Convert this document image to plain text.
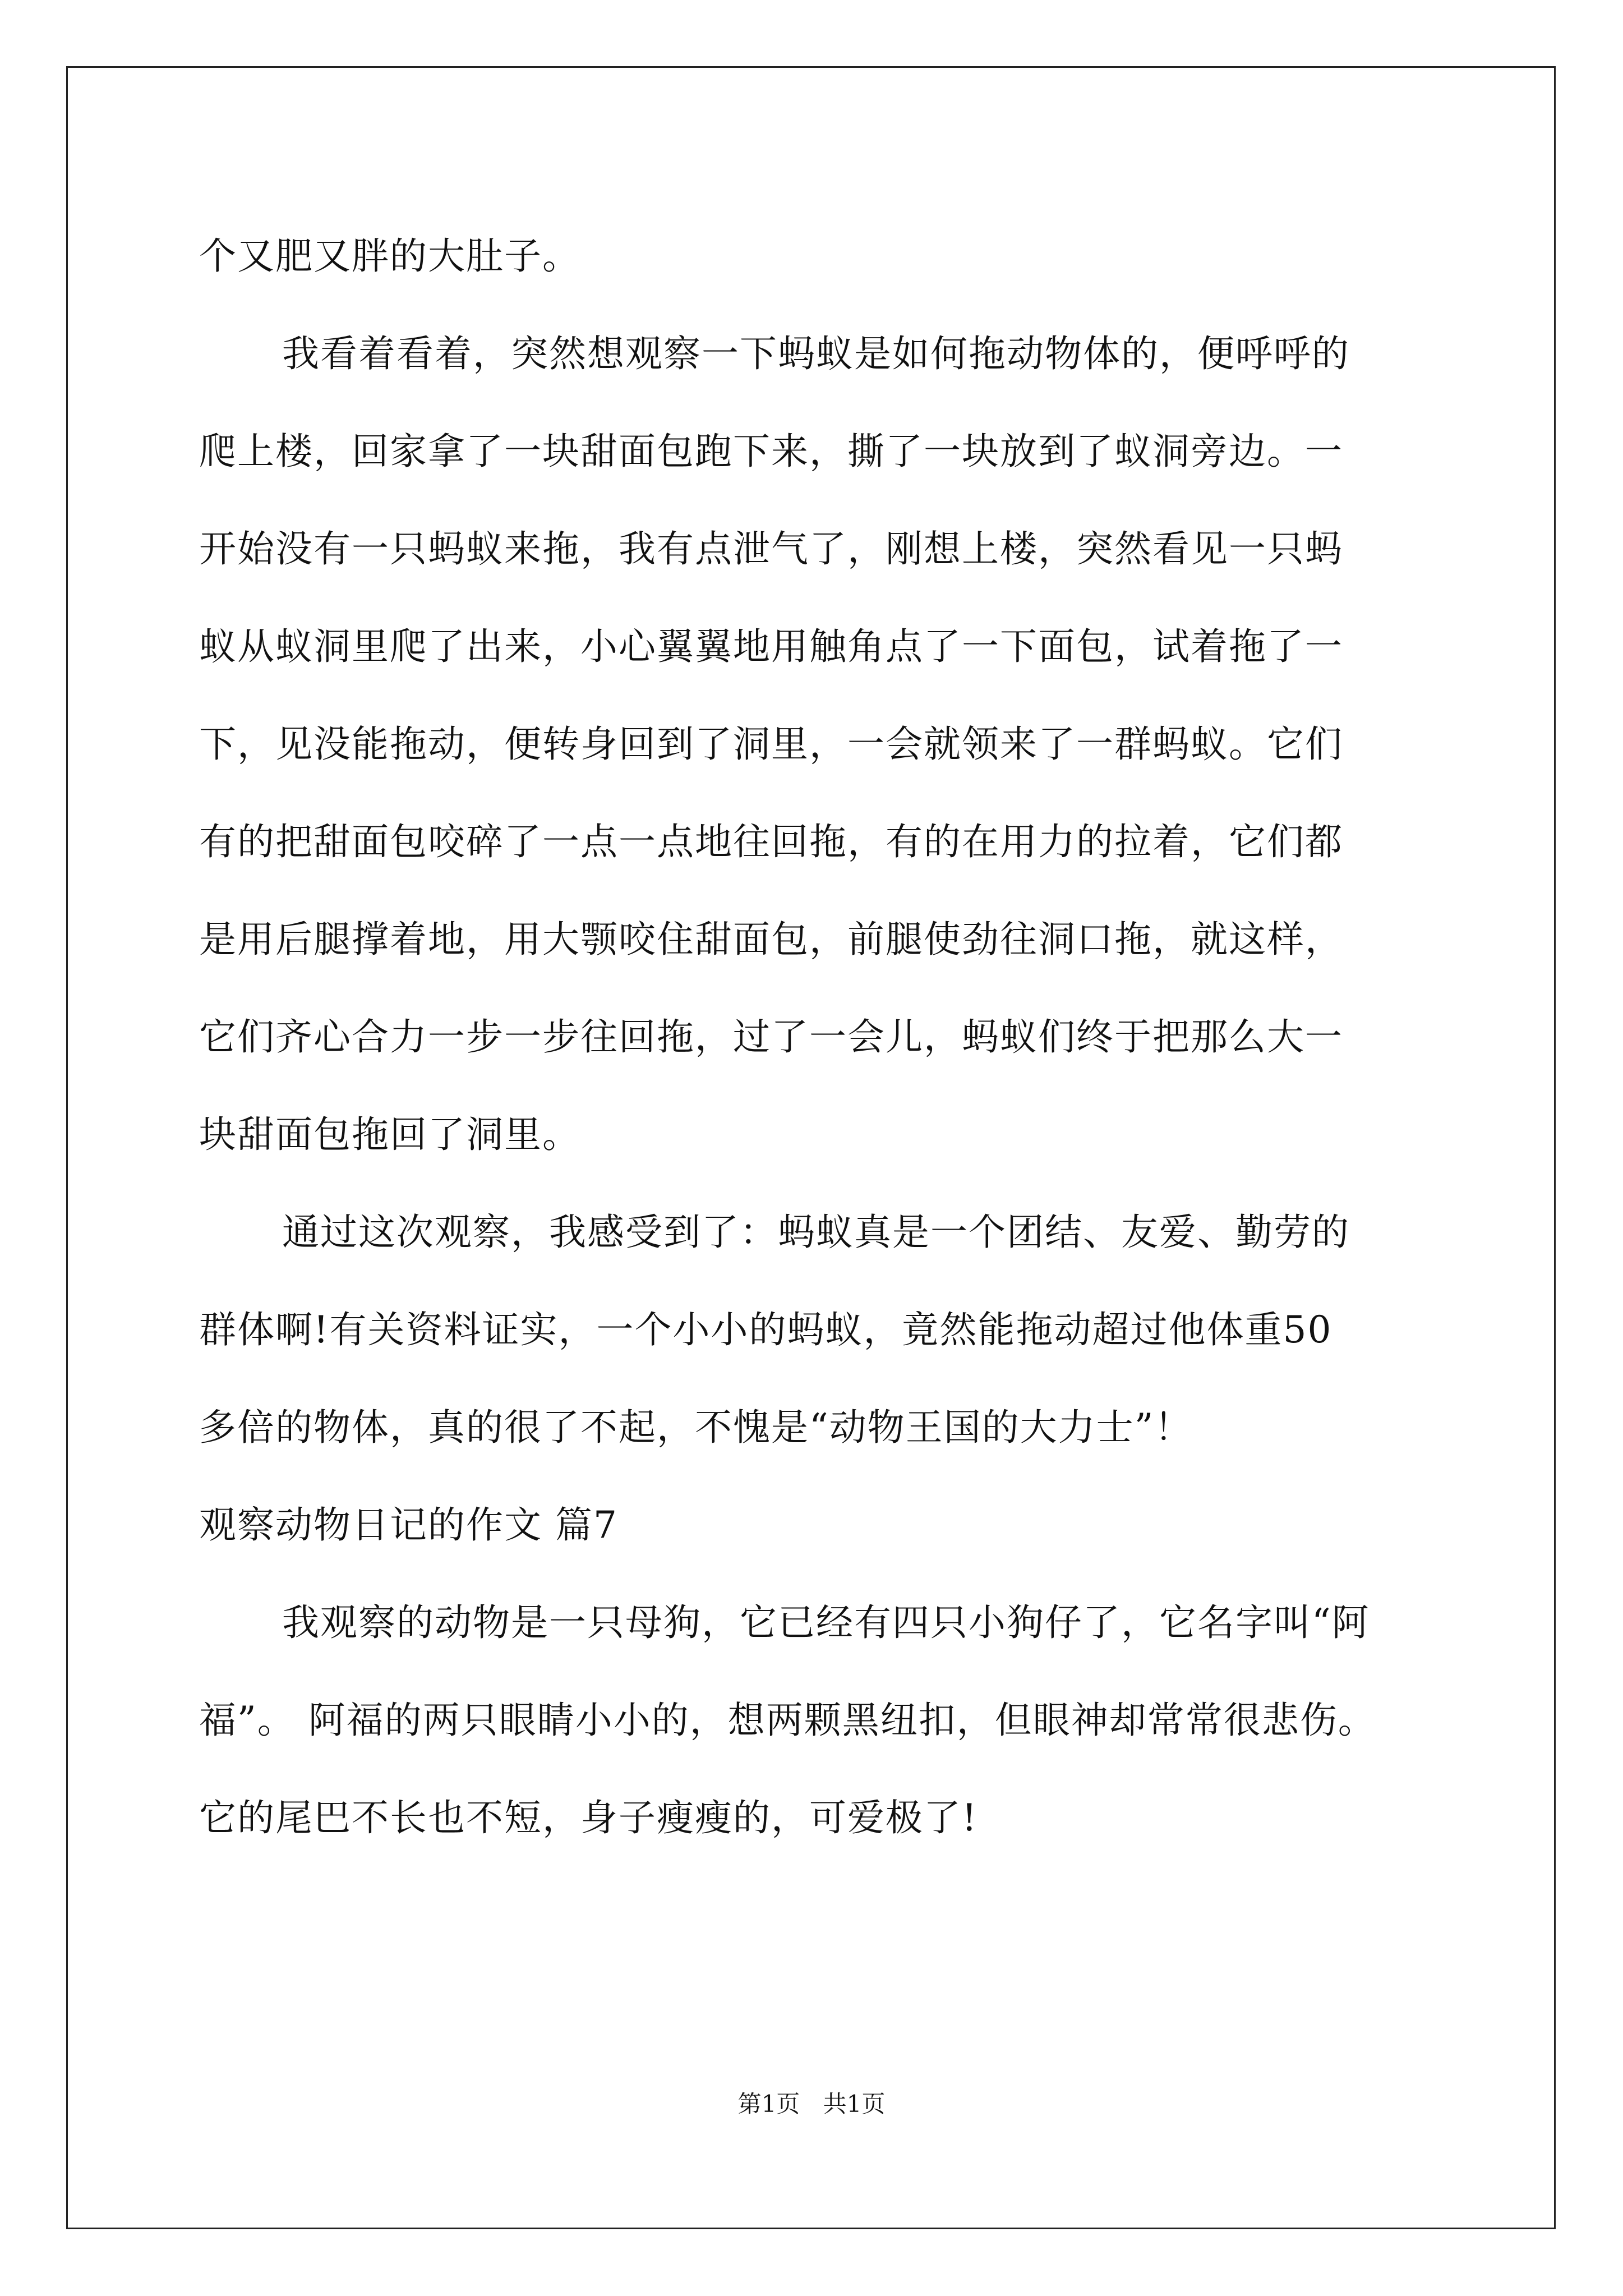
个又肥又胖的大肚子。
我看着看着，突然想观察一下蚂蚁是如何拖动物体的，便呼呼的
爬上楼，回家拿了一块甜面包跑下来，撕了一块放到了蚁洞旁边。一
开始没有一只蚂蚁来拖，我有点泄气了，刚想上楼，突然看见一只蚂
蚁从蚁洞里爬了出来，小心翼翼地用触角点了一下面包，试着拖了一
下，见没能拖动，便转身回到了洞里，一会就领来了一群蚂蚁。它们
有的把甜面包咬碎了一点一点地往回拖，有的在用力的拉着，它们都
是用后腿撑着地，用大颚咬住甜面包，前腿使劲往洞口拖，就这样，
它们齐心合力一步一步往回拖，过了一会儿，蚂蚁们终于把那么大一
块甜面包拖回了洞里。
通过这次观察，我感受到了：蚂蚁真是一个团结、友爱、勤劳的
群体啊!有关资料证实，一个小小的蚂蚁，竟然能拖动超过他体重50
多倍的物体，真的很了不起，不愧是“动物王国的大力士”！
观察动物日记的作文 篇7
我观察的动物是一只母狗，它已经有四只小狗仔了，它名字叫“阿
福”。 阿福的两只眼睛小小的，想两颗黑纽扣，但眼神却常常很悲伤。
它的尾巴不长也不短，身子瘦瘦的，可爱极了!
第1页 共1页
